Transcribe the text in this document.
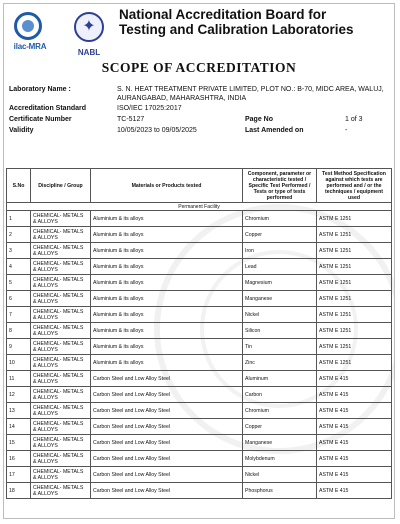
ilac-MRA
✦
NABL
National Accreditation Board for
Testing and Calibration Laboratories
SCOPE OF ACCREDITATION
Laboratory Name :	S. N. HEAT TREATMENT PRIVATE LIMITED, PLOT NO.: B-70, MIDC AREA, WALUJ, AURANGABAD, MAHARASHTRA, INDIA
Accreditation Standard	ISO/IEC 17025:2017
Certificate Number	TC-5127	Page No	1 of 3
Validity	10/05/2023 to 09/05/2025	Last Amended on	-
S.No	Discipline / Group	Materials or Products tested	Component, parameter or characteristic tested / Specific Test Performed / Tests or type of tests performed	Test Method Specification against which tests are performed and / or the techniques / equipment used
Permanent Facility				
1	CHEMICAL- METALS & ALLOYS	Aluminium & its alloys	Chromium	ASTM E 1251
2	CHEMICAL- METALS & ALLOYS	Aluminium & its alloys	Copper	ASTM E 1251
3	CHEMICAL- METALS & ALLOYS	Aluminium & its alloys	Iron	ASTM E 1251
4	CHEMICAL- METALS & ALLOYS	Aluminium & its alloys	Lead	ASTM E 1251
5	CHEMICAL- METALS & ALLOYS	Aluminium & its alloys	Magnesium	ASTM E 1251
6	CHEMICAL- METALS & ALLOYS	Aluminium & its alloys	Manganese	ASTM E 1251
7	CHEMICAL- METALS & ALLOYS	Aluminium & its alloys	Nickel	ASTM E 1251
8	CHEMICAL- METALS & ALLOYS	Aluminium & its alloys	Silicon	ASTM E 1251
9	CHEMICAL- METALS & ALLOYS	Aluminium & its alloys	Tin	ASTM E 1251
10	CHEMICAL- METALS & ALLOYS	Aluminium & its alloys	Zinc	ASTM E 1251
11	CHEMICAL- METALS & ALLOYS	Carbon Steel and Low Alloy Steel	Aluminum	ASTM E 415
12	CHEMICAL- METALS & ALLOYS	Carbon Steel and Low Alloy Steel	Carbon	ASTM E 415
13	CHEMICAL- METALS & ALLOYS	Carbon Steel and Low Alloy Steel	Chromium	ASTM E 415
14	CHEMICAL- METALS & ALLOYS	Carbon Steel and Low Alloy Steel	Copper	ASTM E 415
15	CHEMICAL- METALS & ALLOYS	Carbon Steel and Low Alloy Steel	Manganese	ASTM E 415
16	CHEMICAL- METALS & ALLOYS	Carbon Steel and Low Alloy Steel	Molybdenum	ASTM E 415
17	CHEMICAL- METALS & ALLOYS	Carbon Steel and Low Alloy Steel	Nickel	ASTM E 415
18	CHEMICAL- METALS & ALLOYS	Carbon Steel and Low Alloy Steel	Phosphorus	ASTM E 415
